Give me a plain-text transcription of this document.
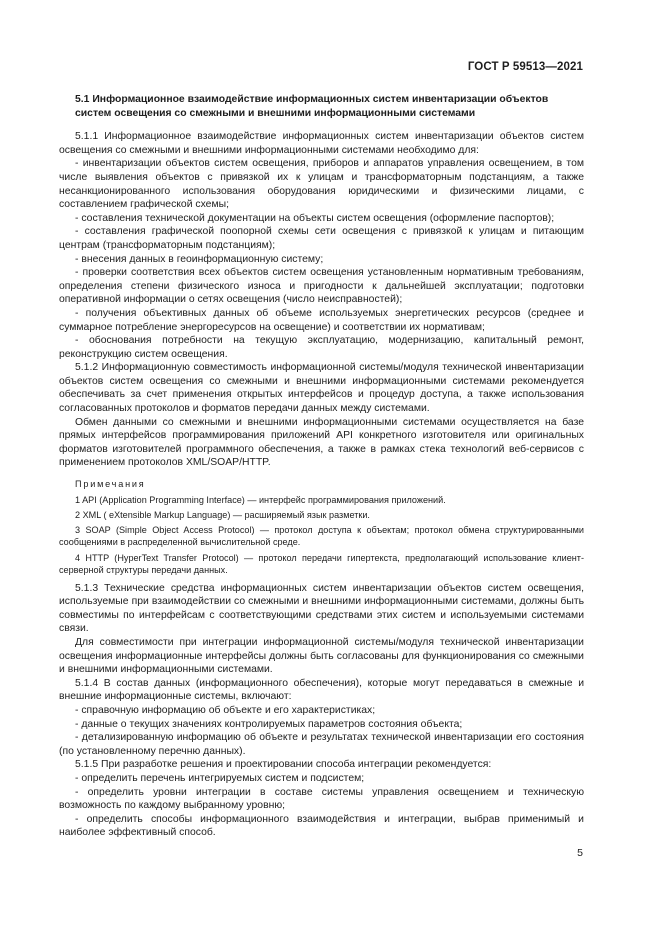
ГОСТ Р 59513—2021
5.1 Информационное взаимодействие информационных систем инвентаризации объектов систем освещения со смежными и внешними информационными системами

5.1.1 Информационное взаимодействие информационных систем инвентаризации объектов систем освещения со смежными и внешними информационными системами необходимо для:

- инвентаризации объектов систем освещения, приборов и аппаратов управления освещением, в том числе выявления объектов с привязкой их к улицам и трансформаторным подстанциям, а также несанкционированного использования оборудования юридическими и физическими лицами, с составлением графической схемы;

- составления технической документации на объекты систем освещения (оформление паспортов);

- составления графической поопорной схемы сети освещения с привязкой к улицам и питающим центрам (трансформаторным подстанциям);

- внесения данных в геоинформационную систему;

- проверки соответствия всех объектов систем освещения установленным нормативным требованиям, определения степени физического износа и пригодности к дальнейшей эксплуатации; подготовки оперативной информации о сетях освещения (число неисправностей);

- получения объективных данных об объеме используемых энергетических ресурсов (среднее и суммарное потребление энергоресурсов на освещение) и соответствии их нормативам;

- обоснования потребности на текущую эксплуатацию, модернизацию, капитальный ремонт, реконструкцию систем освещения.

5.1.2 Информационную совместимость информационной системы/модуля технической инвентаризации объектов систем освещения со смежными и внешними информационными системами рекомендуется обеспечивать за счет применения открытых интерфейсов и процедур доступа, а также использования согласованных протоколов и форматов передачи данных между системами.

Обмен данными со смежными и внешними информационными системами осуществляется на базе прямых интерфейсов программирования приложений API конкретного изготовителя или оригинальных форматов изготовителей программного обеспечения, а также в рамках стека технологий веб-сервисов с применением протоколов XML/SOAP/HTTP.

Примечания
1 API (Application Programming Interface) — интерфейс программирования приложений.
2 XML ( eXtensible Markup Language) — расширяемый язык разметки.
3 SOAP (Simple Object Access Protocol) — протокол доступа к объектам; протокол обмена структурированными сообщениями в распределенной вычислительной среде.
4 HTTP (HyperText Transfer Protocol) — протокол передачи гипертекста, предполагающий использование клиент-серверной структуры передачи данных.

5.1.3 Технические средства информационных систем инвентаризации объектов систем освещения, используемые при взаимодействии со смежными и внешними информационными системами, должны быть совместимы по интерфейсам с соответствующими средствами этих систем и используемыми системами связи.

Для совместимости при интеграции информационной системы/модуля технической инвентаризации освещения информационные интерфейсы должны быть согласованы для функционирования со смежными и внешними информационными системами.

5.1.4 В состав данных (информационного обеспечения), которые могут передаваться в смежные и внешние информационные системы, включают:

- справочную информацию об объекте и его характеристиках;

- данные о текущих значениях контролируемых параметров состояния объекта;

- детализированную информацию об объекте и результатах технической инвентаризации его состояния (по установленному перечню данных).

5.1.5 При разработке решения и проектировании способа интеграции рекомендуется:

- определить перечень интегрируемых систем и подсистем;

- определить уровни интеграции в составе системы управления освещением и техническую возможность по каждому выбранному уровню;

- определить способы информационного взаимодействия и интеграции, выбрав применимый и наиболее эффективный способ.

5
